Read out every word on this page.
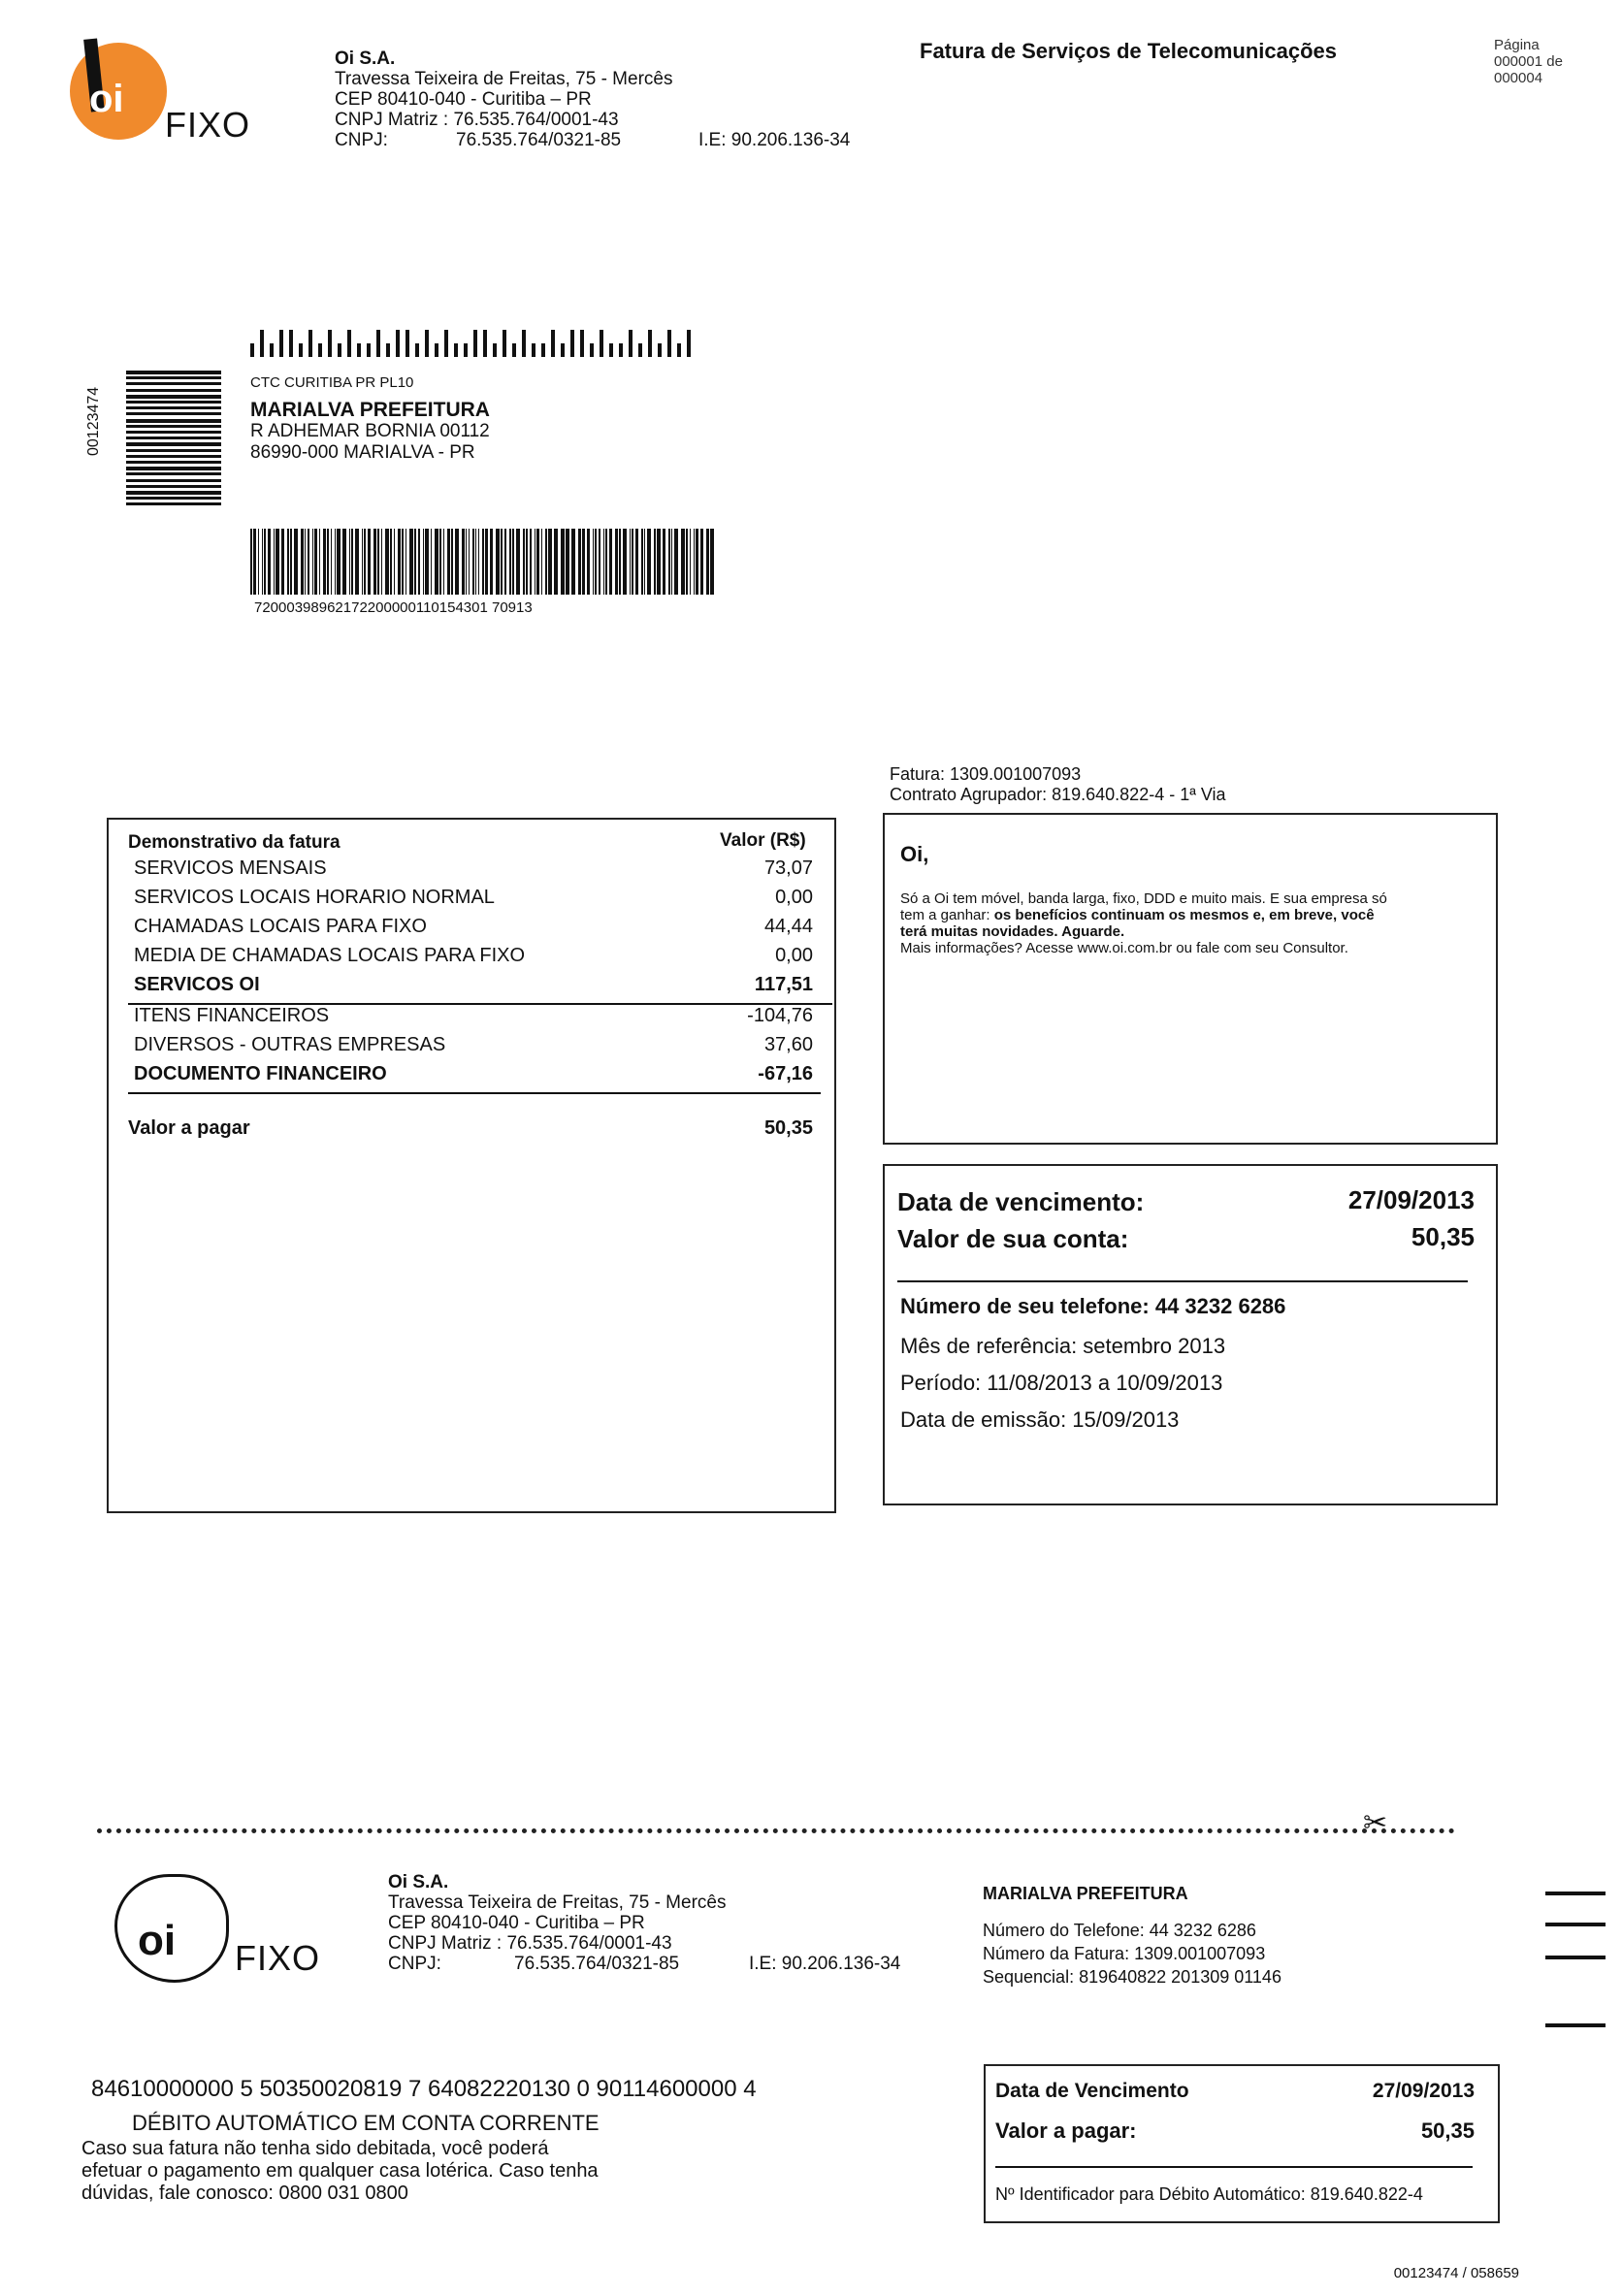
oi
FIXO
Oi S.A.
Travessa Teixeira de Freitas, 75 - Mercês
CEP 80410-040 - Curitiba – PR
CNPJ Matriz : 76.535.764/0001-43
CNPJ:	76.535.764/0321-85	I.E: 90.206.136-34
Fatura de Serviços de Telecomunicações	Página
000001 de
000004
00123474
CTC CURITIBA PR PL10
MARIALVA PREFEITURA
R ADHEMAR BORNIA 00112
86990-000 MARIALVA - PR
72000398962172200000110154301 70913
Fatura: 1309.001007093
Contrato Agrupador: 819.640.822-4 - 1ª Via
Demonstrativo da fatura	Valor (R$)
SERVICOS MENSAIS	73,07
SERVICOS LOCAIS HORARIO NORMAL	0,00
CHAMADAS LOCAIS PARA FIXO	44,44
MEDIA DE CHAMADAS LOCAIS PARA FIXO	0,00
SERVICOS OI	117,51
ITENS FINANCEIROS	-104,76
DIVERSOS - OUTRAS EMPRESAS	37,60
DOCUMENTO FINANCEIRO	-67,16
Valor a pagar	50,35
Oi,
Só a Oi tem móvel, banda larga, fixo, DDD e muito mais. E sua empresa só
tem a ganhar: os benefícios continuam os mesmos e, em breve, você
terá muitas novidades. Aguarde.
Mais informações? Acesse www.oi.com.br ou fale com seu Consultor.
Data de vencimento:	27/09/2013
Valor de sua conta:	50,35
Número de seu telefone: 44 3232 6286
Mês de referência: setembro 2013
Período: 11/08/2013 a 10/09/2013
Data de emissão: 15/09/2013
✂
oi FIXO
Oi S.A.
Travessa Teixeira de Freitas, 75 - Mercês
CEP 80410-040 - Curitiba – PR
CNPJ Matriz : 76.535.764/0001-43
CNPJ:	76.535.764/0321-85	I.E: 90.206.136-34
MARIALVA PREFEITURA
Número do Telefone: 44 3232 6286
Número da Fatura: 1309.001007093
Sequencial: 819640822 201309 01146
84610000000 5 50350020819 7 64082220130 0 90114600000 4
DÉBITO AUTOMÁTICO EM CONTA CORRENTE
Caso sua fatura não tenha sido debitada, você poderá
efetuar o pagamento em qualquer casa lotérica. Caso tenha
dúvidas, fale conosco: 0800 031 0800
Data de Vencimento	27/09/2013
Valor a pagar:	50,35
Nº Identificador para Débito Automático: 819.640.822-4
00123474 / 058659
